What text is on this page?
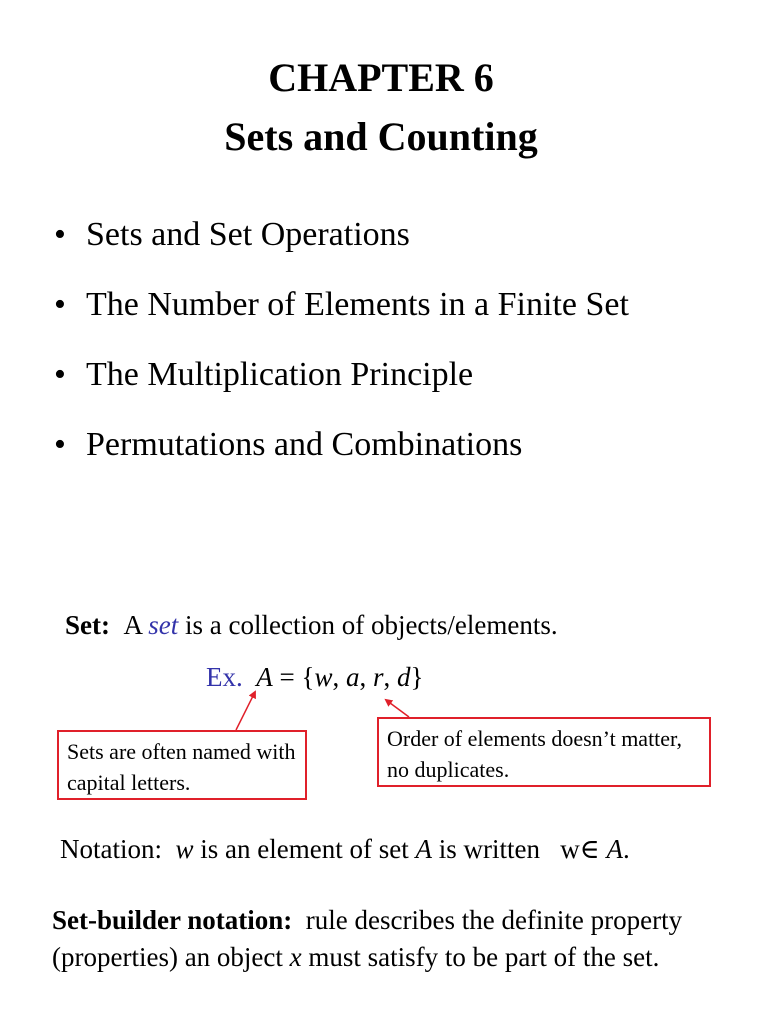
CHAPTER 6
Sets and Counting
• Sets and Set Operations
• The Number of Elements in a Finite Set
• The Multiplication Principle
• Permutations and Combinations
Set: A set is a collection of objects/elements.
Ex. A = {w, a, r, d}
Sets are often named with capital letters.
Order of elements doesn’t matter, no duplicates.
Notation: w is an element of set A is written w∈ A.
Set-builder notation: rule describes the definite property (properties) an object x must satisfy to be part of the set.
